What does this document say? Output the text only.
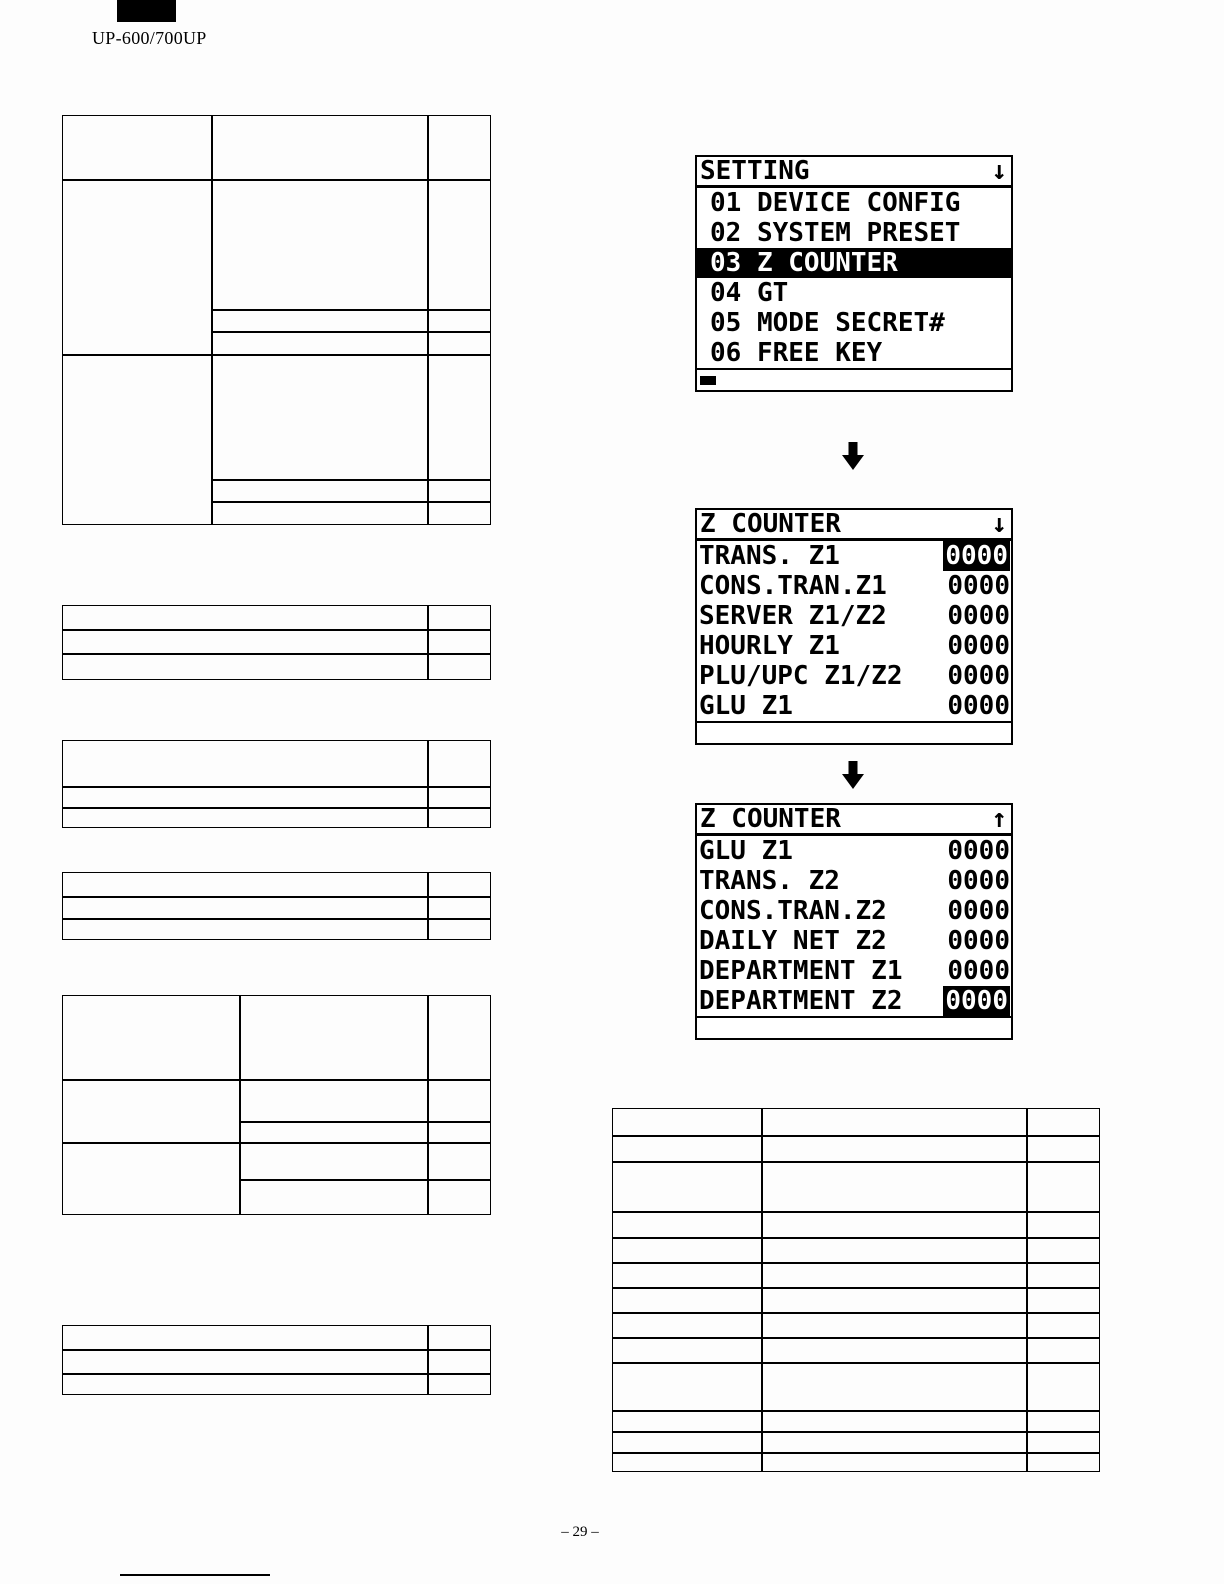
UP-600/700UP
SETTING	↓
01 DEVICE CONFIG
02 SYSTEM PRESET
03 Z COUNTER
04 GT
05 MODE SECRET#
06 FREE KEY
Z COUNTER	↓
TRANS. Z1	0000
CONS.TRAN.Z1 0000
SERVER Z1/Z2 0000
HOURLY Z1	0000
PLU/UPC Z1/Z2 0000
GLU Z1	0000
Z COUNTER	↑
GLU Z1	0000
TRANS. Z2	0000
CONS.TRAN.Z2 0000
DAILY NET Z2 0000
DEPARTMENT Z1 0000
DEPARTMENT Z2 0000
– 29 –
